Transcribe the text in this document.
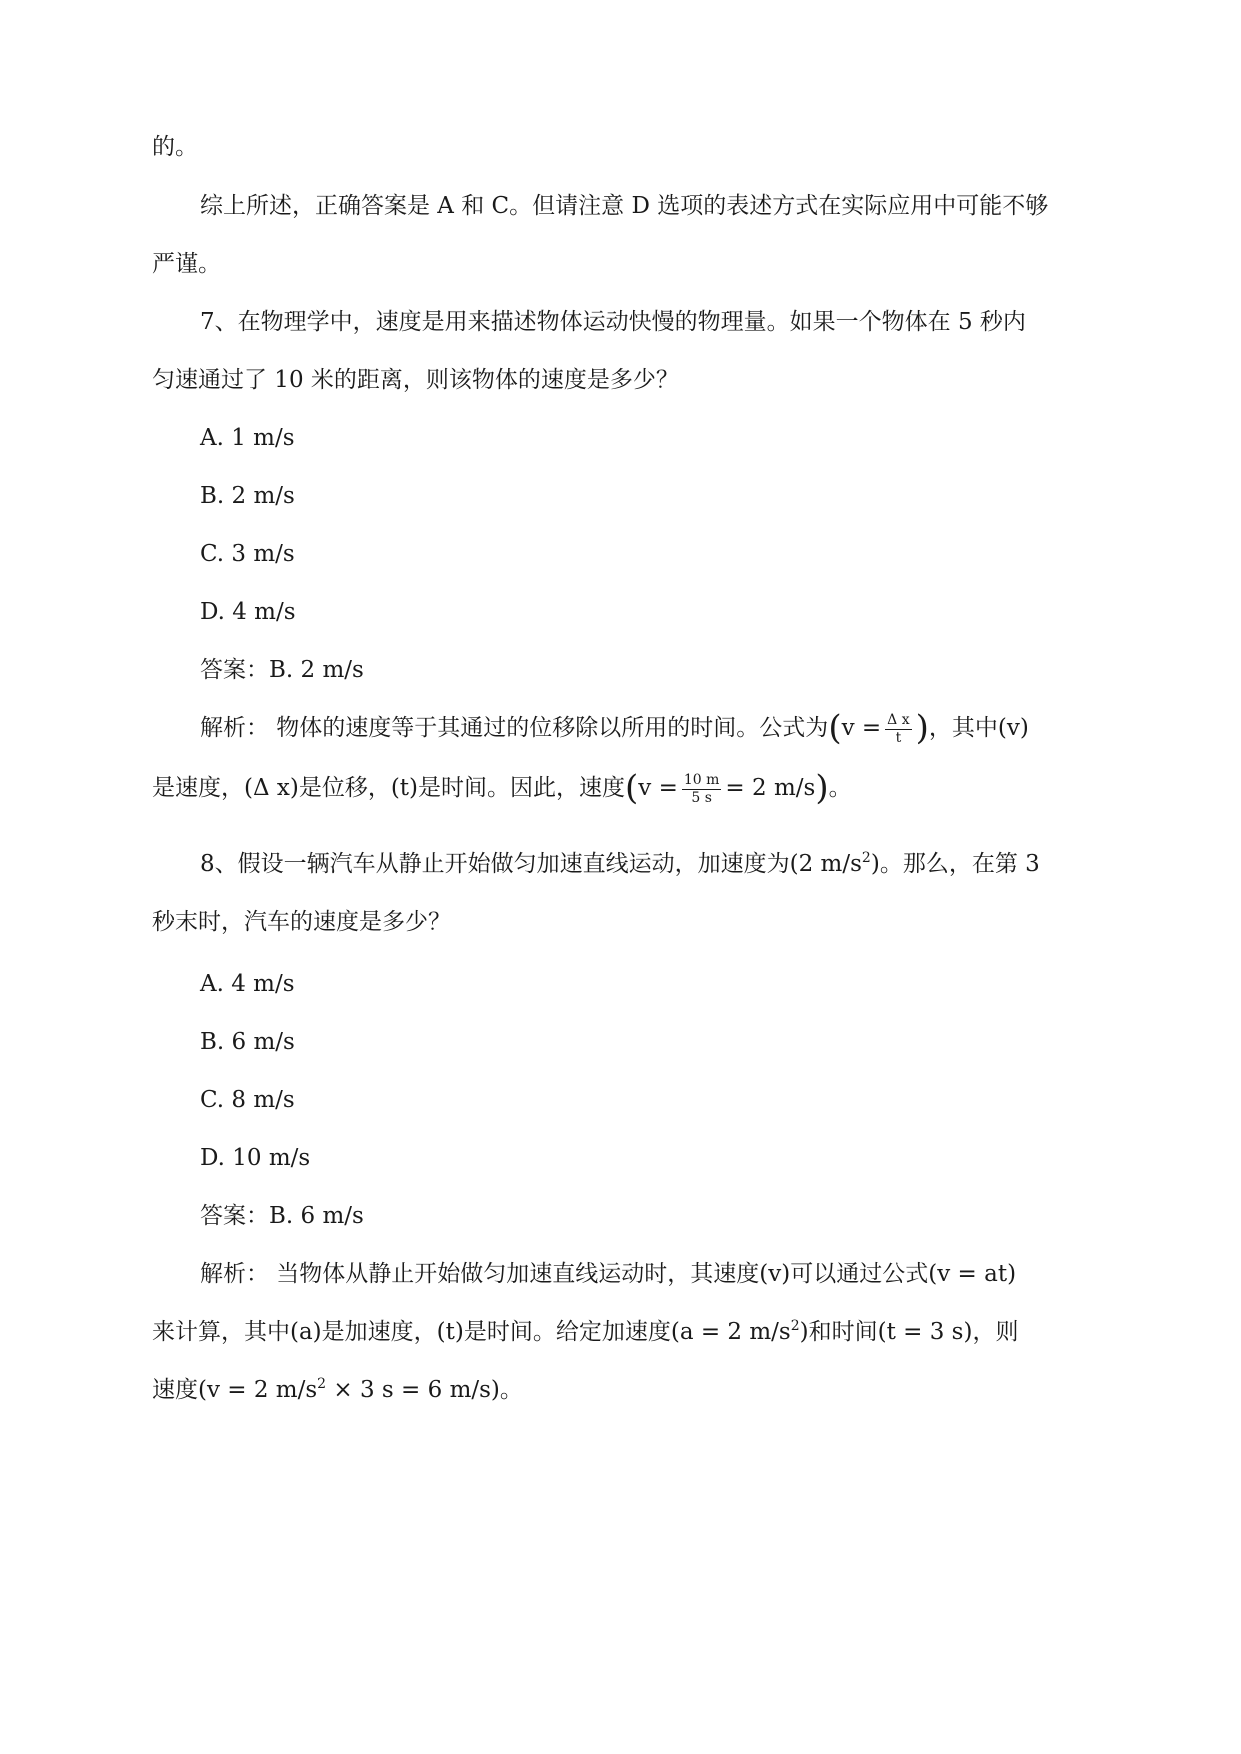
的。

综上所述，正确答案是 A 和 C。但请注意 D 选项的表述方式在实际应用中可能不够

严谨。

7、在物理学中，速度是用来描述物体运动快慢的物理量。如果一个物体在 5 秒内

匀速通过了 10 米的距离，则该物体的速度是多少？

A. 1 m/s

B. 2 m/s

C. 3 m/s

D. 4 m/s

答案：B. 2 m/s

解析： 物体的速度等于其通过的位移除以所用的时间。公式为($v = \frac{\text{Δ x}}{t}$ )，其中(v)

是速度，(Δ x)是位移，(t)是时间。因此，速度($v = \frac{10 m}{5 s} = 2$ m/s)。

8、假设一辆汽车从静止开始做匀加速直线运动，加速度为(2 $m/s^2$)。那么，在第 3

秒末时，汽车的速度是多少？

A. 4 m/s

B. 6 m/s

C. 8 m/s

D. 10 m/s

答案：B. 6 m/s

解析： 当物体从静止开始做匀加速直线运动时，其速度(v)可以通过公式(v = at)

来计算，其中(a)是加速度，(t)是时间。给定加速度(a = 2 $m/s^2$)和时间(t = 3 s)，则

速度(v = 2 $m/s^2 \times 3$ s = 6 m/s)。
